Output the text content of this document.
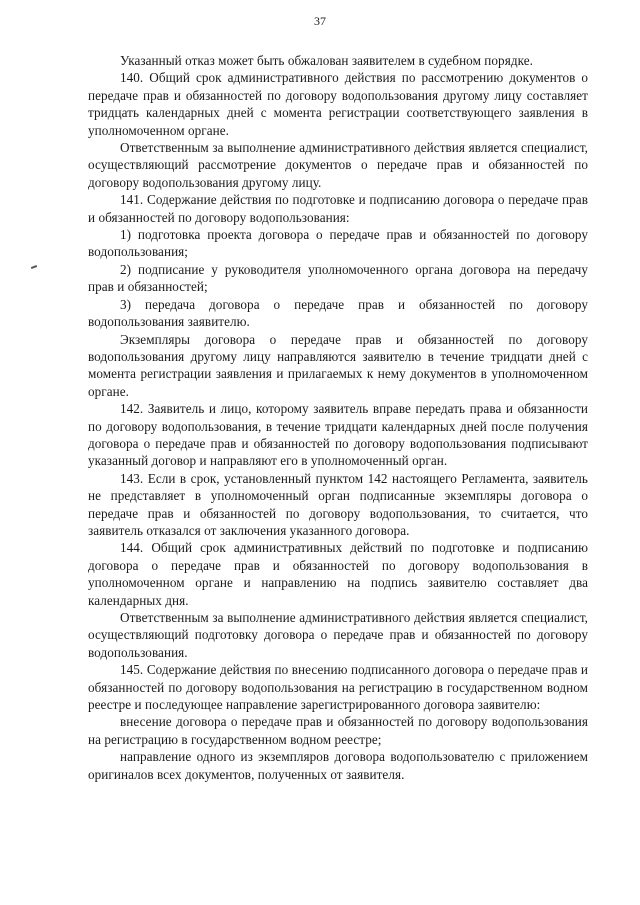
37

Указанный отказ может быть обжалован заявителем в судебном порядке.

140. Общий срок административного действия по рассмотрению документов о передаче прав и обязанностей по договору водопользования другому лицу составляет тридцать календарных дней с момента регистрации соответствующего заявления в уполномоченном органе.

Ответственным за выполнение административного действия является специалист, осуществляющий рассмотрение документов о передаче прав и обязанностей по договору водопользования другому лицу.

141. Содержание действия по подготовке и подписанию договора о передаче прав и обязанностей по договору водопользования:

1) подготовка проекта договора о передаче прав и обязанностей по договору водопользования;

2) подписание у руководителя уполномоченного органа договора на передачу прав и обязанностей;

3) передача договора о передаче прав и обязанностей по договору водопользования заявителю.

Экземпляры договора о передаче прав и обязанностей по договору водопользования другому лицу направляются заявителю в течение тридцати дней с момента регистрации заявления и прилагаемых к нему документов в уполномоченном органе.

142. Заявитель и лицо, которому заявитель вправе передать права и обязанности по договору водопользования, в течение тридцати календарных дней после получения договора о передаче прав и обязанностей по договору водопользования подписывают указанный договор и направляют его в уполномоченный орган.

143. Если в срок, установленный пунктом 142 настоящего Регламента, заявитель не представляет в уполномоченный орган подписанные экземпляры договора о передаче прав и обязанностей по договору водопользования, то считается, что заявитель отказался от заключения указанного договора.

144. Общий срок административных действий по подготовке и подписанию договора о передаче прав и обязанностей по договору водопользования в уполномоченном органе и направлению на подпись заявителю составляет два календарных дня.

Ответственным за выполнение административного действия является специалист, осуществляющий подготовку договора о передаче прав и обязанностей по договору водопользования.

145. Содержание действия по внесению подписанного договора о передаче прав и обязанностей по договору водопользования на регистрацию в государственном водном реестре и последующее направление зарегистрированного договора заявителю:

внесение договора о передаче прав и обязанностей по договору водопользования на регистрацию в государственном водном реестре;

направление одного из экземпляров договора водопользователю с приложением оригиналов всех документов, полученных от заявителя.
